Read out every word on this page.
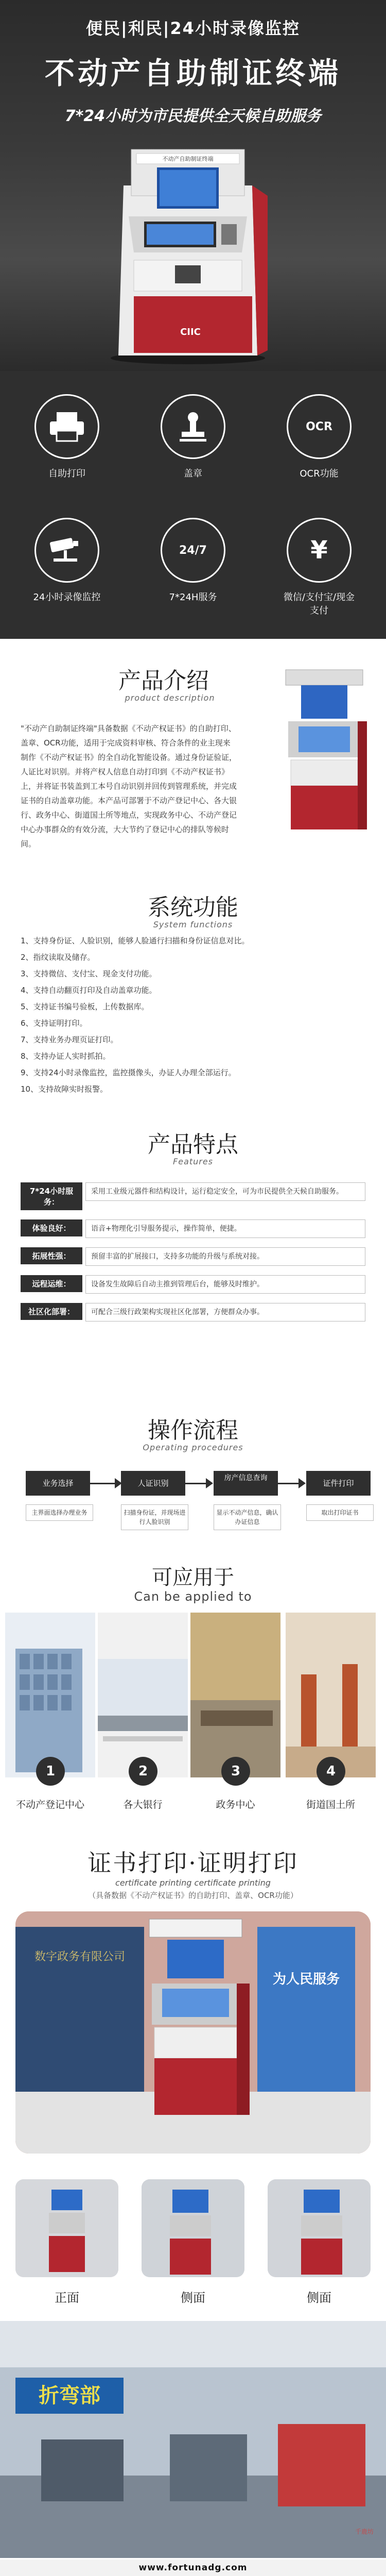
便民|利民|24小时录像监控
不动产自助制证终端
7*24小时为市民提供全天候自助服务
不动产自助制证终端
CIIC
自助打印	盖章
OCR
OCR功能
24小时录像监控
24/7
7*24H服务
¥
微信/支付宝/现金支付
产品介绍
product description
"不动产自助制证终端"具备数据《不动产权证书》的自助打印、盖章、OCR功能，适用于完成资料审核、符合条件的业主现来制作《不动产权证书》的全自动化智能设备。通过身份证验证，人证比对识别。并将产权人信息自动打印到《不动产权证书》上，并将证书装盖到工本号自动识别并回传到管理系统，并完成证书的自动盖章功能。本产品可部署于不动产登记中心、各大银行、政务中心、街道国土所等地点，实现政务中心、不动产登记中心办事群众的有效分流，大大节约了登记中心的排队等候时间。
系统功能
System functions
1、支持身份证、人脸识别，能够人脸通行扫描和身份证信息对比。
2、指纹读取及储存。
3、支持微信、支付宝、现金支付功能。
4、支持自动翻页打印及自动盖章功能。
5、支持证书编号验板，上传数据库。
6、支持证明打印。
7、支持业务办理页证打印。
8、支持办证人实时抓拍。
9、支持24小时录像监控，监控摄像头，办证人办理全部运行。
10、支持故障实时报警。
产品特点
Features
7*24小时服务：
采用工业级元器件和结构设计，运行稳定安全，可为市民提供全天候自助服务。
体验良好：	语音+物理化引导服务提示，操作简单，便捷。
拓展性强：	预留丰富的扩展接口，支持多功能的升级与系统对接。
远程运维：	设备发生故障后自动主推到管理后台，能够及时维护。
社区化部署：	可配合三级行政架构实现社区化部署，方便群众办事。
操作流程
Operating procedures
业务选择	人证识别
房产信息查询
证件打印
主界面选择办理业务	扫描身份证，并现场进行人脸识别
显示不动产信息，确认办证信息
取出打印证书
可应用于
Can be applied to
1	2	3	4
不动产登记中心	各大银行	政务中心	街道国土所
证书打印·证明打印
certificate printing certificate printing
（具备数据《不动产权证书》的自助打印、盖章、OCR功能）
数字政务有限公司
为人民服务
正面	侧面	侧面
折弯部
千鹿坊
www.fortunadg.com
